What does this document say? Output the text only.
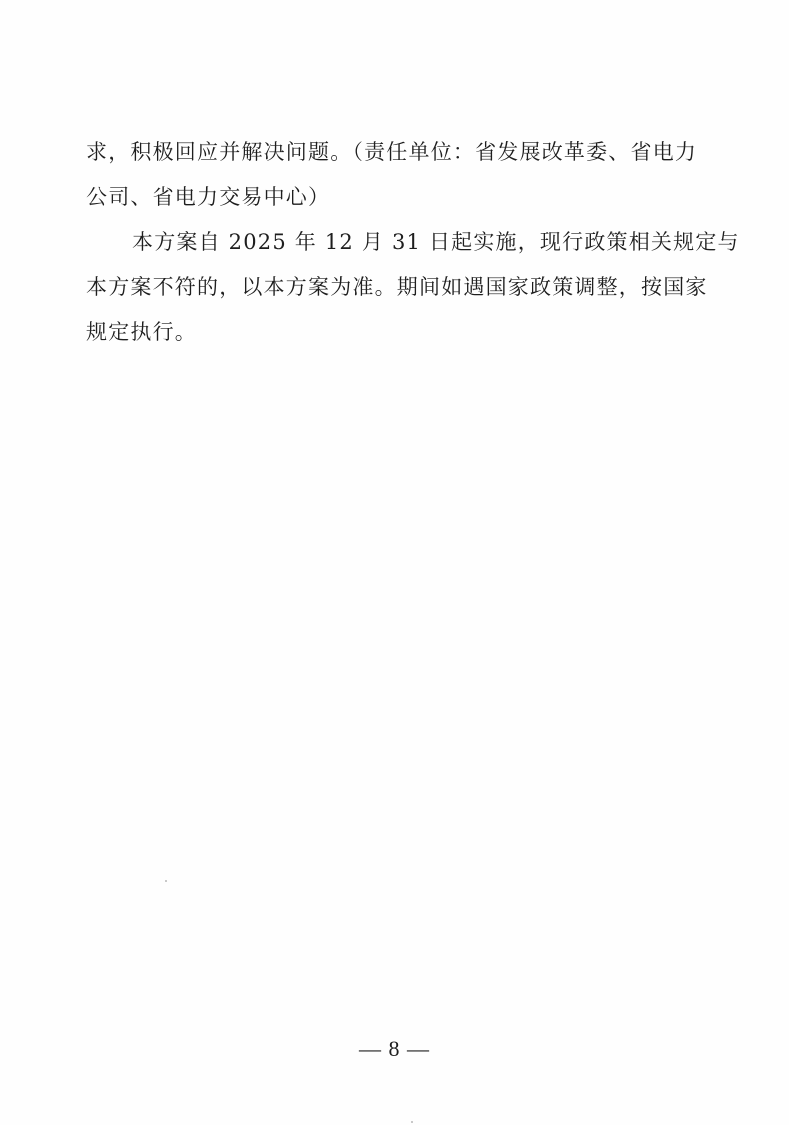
求，积极回应并解决问题。（责任单位：省发展改革委、省电力
公司、省电力交易中心）
本方案自 2025 年 12 月 31 日起实施，现行政策相关规定与
本方案不符的，以本方案为准。期间如遇国家政策调整，按国家
规定执行。
— 8 —
